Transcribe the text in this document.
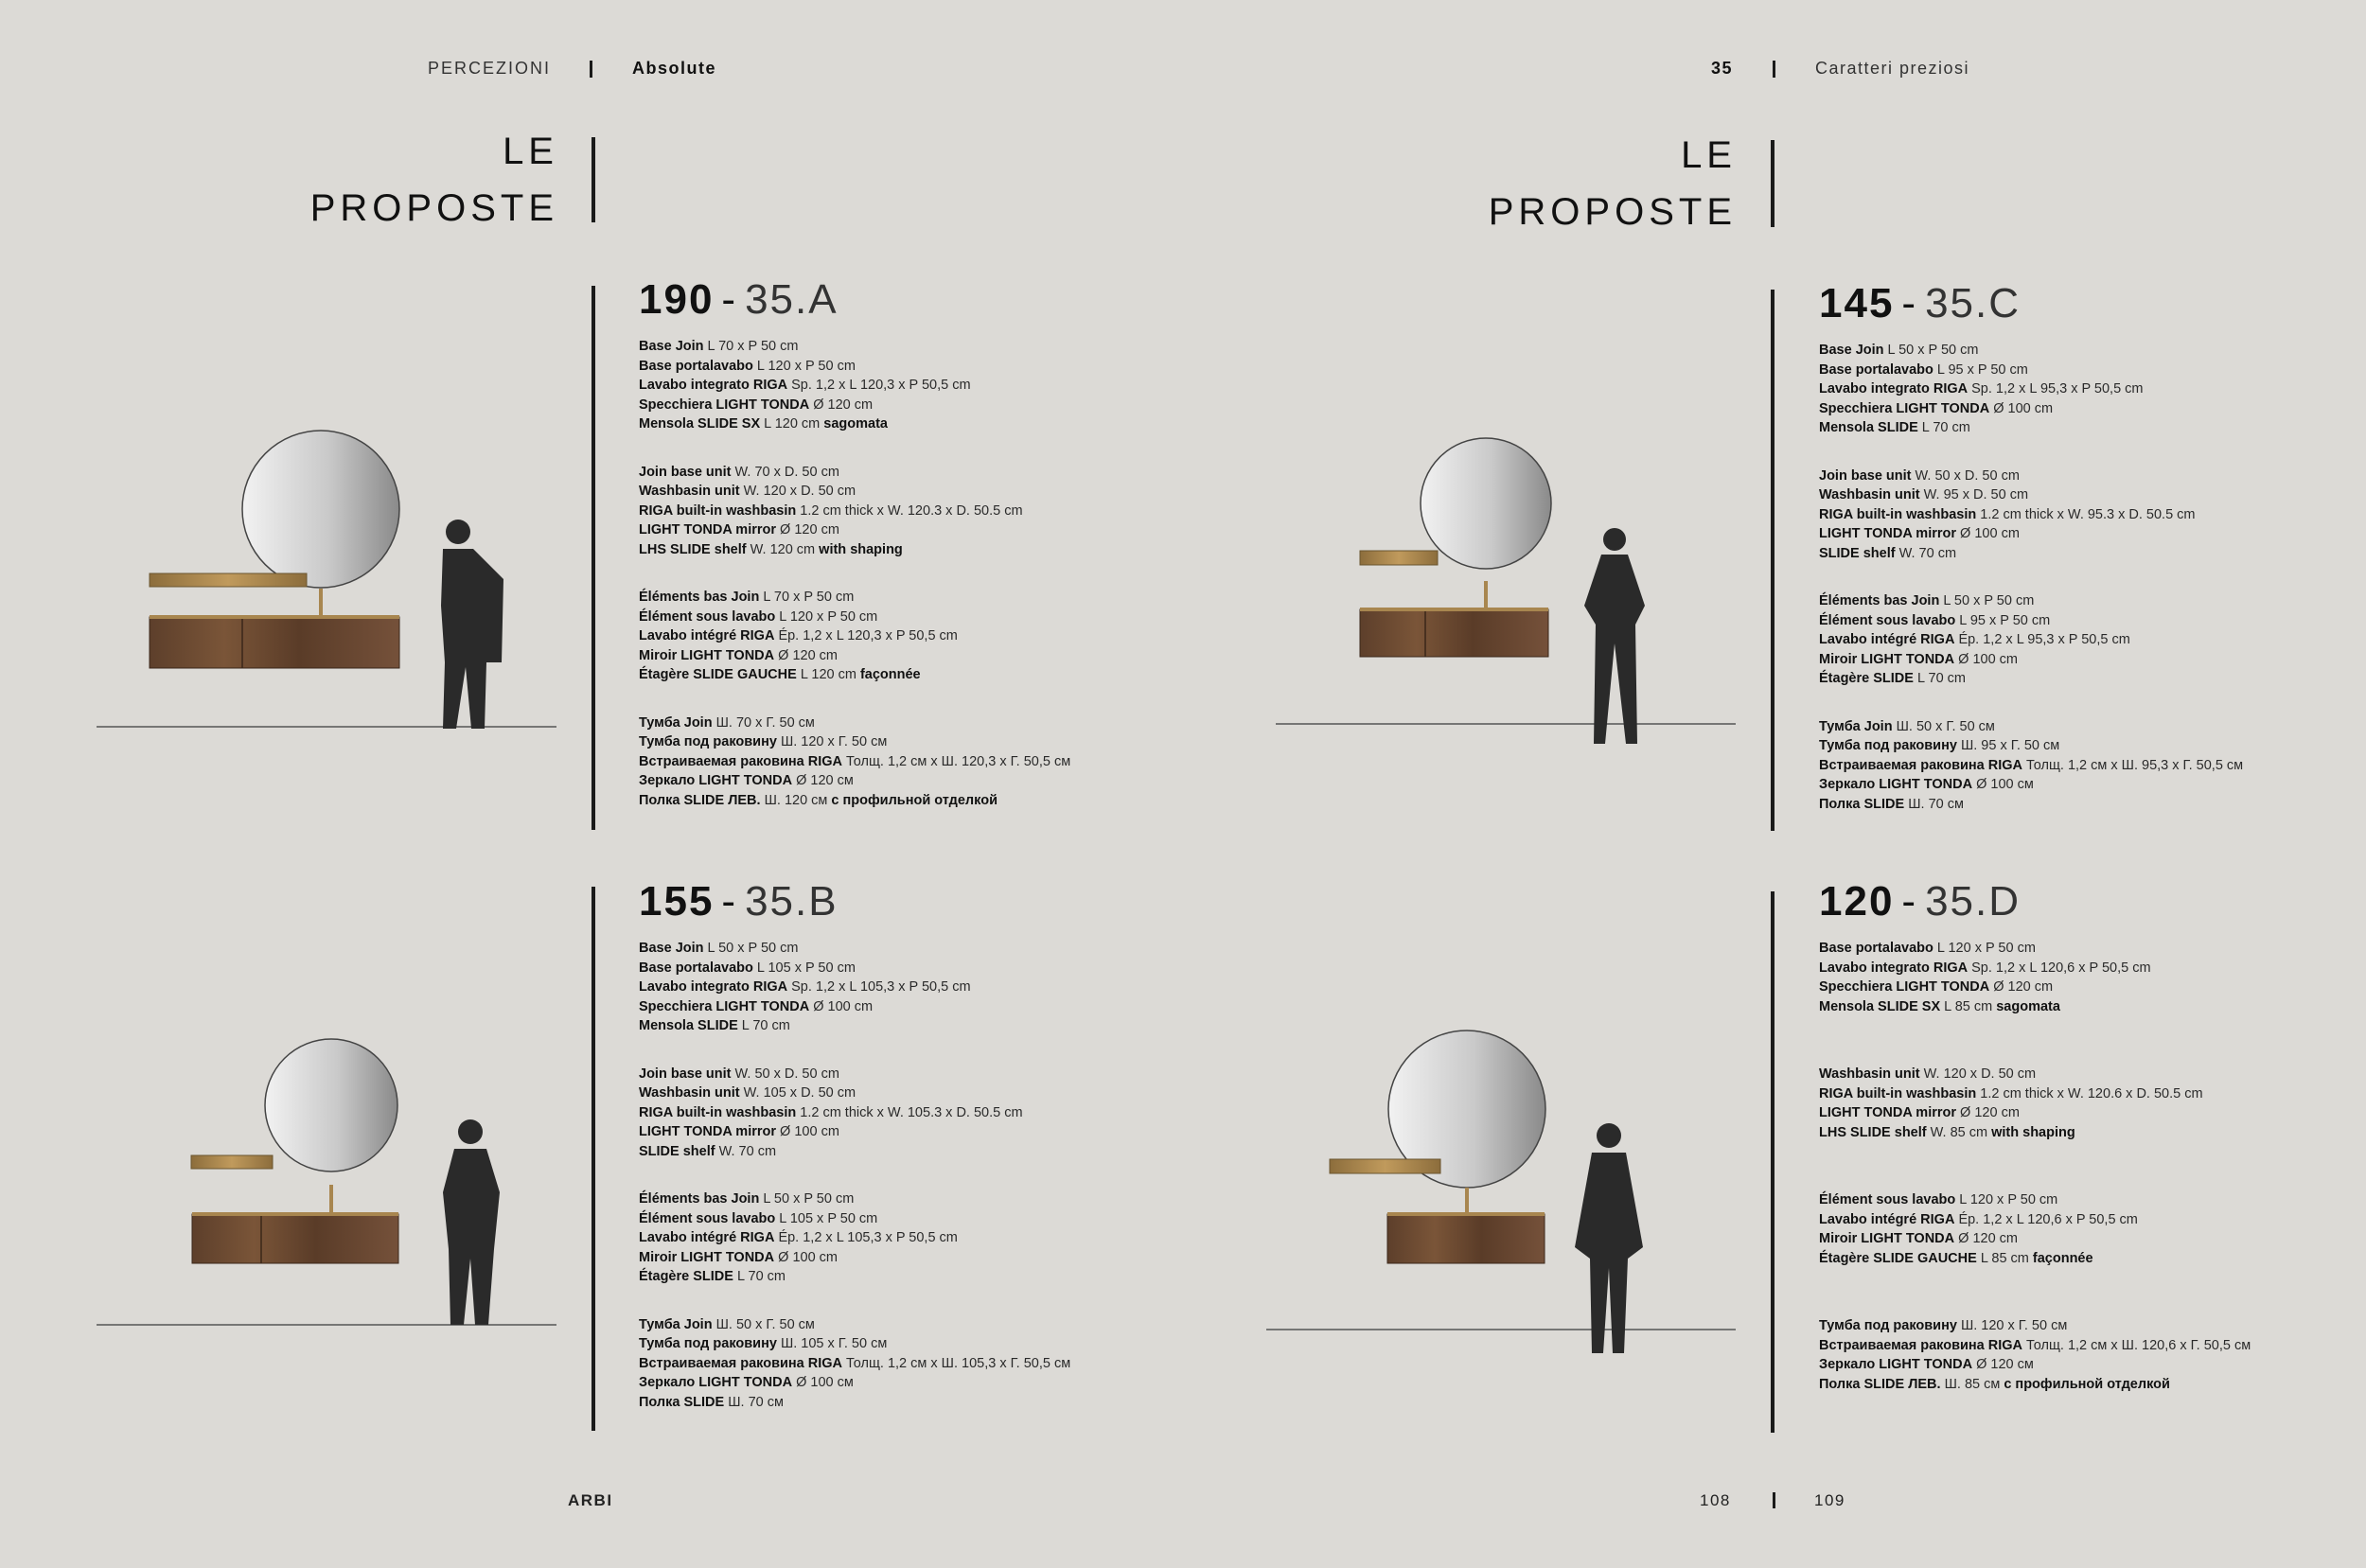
PERCEZIONI	Absolute	35	Caratteri preziosi
LE
PROPOSTE
LE
PROPOSTE
190 - 35.A
Base Join L 70 x P 50 cm
Base portalavabo L 120 x P 50 cm
Lavabo integrato RIGA Sp. 1,2 x L 120,3 x P 50,5 cm
Specchiera LIGHT TONDA Ø 120 cm
Mensola SLIDE SX L 120 cm sagomata
Join base unit W. 70 x D. 50 cm
Washbasin unit W. 120 x D. 50 cm
RIGA built-in washbasin 1.2 cm thick x W. 120.3 x D. 50.5 cm
LIGHT TONDA mirror Ø 120 cm
LHS SLIDE shelf W. 120 cm with shaping
Éléments bas Join L 70 x P 50 cm
Élément sous lavabo L 120 x P 50 cm
Lavabo intégré RIGA Ép. 1,2 x L 120,3 x P 50,5 cm
Miroir LIGHT TONDA Ø 120 cm
Étagère SLIDE GAUCHE L 120 cm façonnée
Тумба Join Ш. 70 x Г. 50 см
Тумба под раковину Ш. 120 x Г. 50 см
Встраиваемая раковина RIGA Толщ. 1,2 см x Ш. 120,3 x Г. 50,5 см
Зеркало LIGHT TONDA Ø 120 см
Полка SLIDE ЛЕВ. Ш. 120 см с профильной отделкой
155 - 35.B
Base Join L 50 x P 50 cm
Base portalavabo L 105 x P 50 cm
Lavabo integrato RIGA Sp. 1,2 x L 105,3 x P 50,5 cm
Specchiera LIGHT TONDA Ø 100 cm
Mensola SLIDE L 70 cm
Join base unit W. 50 x D. 50 cm
Washbasin unit W. 105 x D. 50 cm
RIGA built-in washbasin 1.2 cm thick x W. 105.3 x D. 50.5 cm
LIGHT TONDA mirror Ø 100 cm
SLIDE shelf W. 70 cm
Éléments bas Join L 50 x P 50 cm
Élément sous lavabo L 105 x P 50 cm
Lavabo intégré RIGA Ép. 1,2 x L 105,3 x P 50,5 cm
Miroir LIGHT TONDA Ø 100 cm
Étagère SLIDE L 70 cm
Тумба Join Ш. 50 x Г. 50 см
Тумба под раковину Ш. 105 x Г. 50 см
Встраиваемая раковина RIGA Толщ. 1,2 см x Ш. 105,3 x Г. 50,5 см
Зеркало LIGHT TONDA Ø 100 см
Полка SLIDE Ш. 70 см
145 - 35.C
Base Join L 50 x P 50 cm
Base portalavabo L 95 x P 50 cm
Lavabo integrato RIGA Sp. 1,2 x L 95,3 x P 50,5 cm
Specchiera LIGHT TONDA Ø 100 cm
Mensola SLIDE L 70 cm
Join base unit W. 50 x D. 50 cm
Washbasin unit W. 95 x D. 50 cm
RIGA built-in washbasin 1.2 cm thick x W. 95.3 x D. 50.5 cm
LIGHT TONDA mirror Ø 100 cm
SLIDE shelf W. 70 cm
Éléments bas Join L 50 x P 50 cm
Élément sous lavabo L 95 x P 50 cm
Lavabo intégré RIGA Ép. 1,2 x L 95,3 x P 50,5 cm
Miroir LIGHT TONDA Ø 100 cm
Étagère SLIDE L 70 cm
Тумба Join Ш. 50 x Г. 50 см
Тумба под раковину Ш. 95 x Г. 50 см
Встраиваемая раковина RIGA Толщ. 1,2 см x Ш. 95,3 x Г. 50,5 см
Зеркало LIGHT TONDA Ø 100 см
Полка SLIDE Ш. 70 см
120 - 35.D
Base portalavabo L 120 x P 50 cm
Lavabo integrato RIGA Sp. 1,2 x L 120,6 x P 50,5 cm
Specchiera LIGHT TONDA Ø 120 cm
Mensola SLIDE SX L 85 cm sagomata
Washbasin unit W. 120 x D. 50 cm
RIGA built-in washbasin 1.2 cm thick x W. 120.6 x D. 50.5 cm
LIGHT TONDA mirror Ø 120 cm
LHS SLIDE shelf W. 85 cm with shaping
Élément sous lavabo L 120 x P 50 cm
Lavabo intégré RIGA Ép. 1,2 x L 120,6 x P 50,5 cm
Miroir LIGHT TONDA Ø 120 cm
Étagère SLIDE GAUCHE L 85 cm façonnée
Тумба под раковину Ш. 120 x Г. 50 см
Встраиваемая раковина RIGA Толщ. 1,2 см x Ш. 120,6 x Г. 50,5 см
Зеркало LIGHT TONDA Ø 120 см
Полка SLIDE ЛЕВ. Ш. 85 см с профильной отделкой
ARBI	108	109
